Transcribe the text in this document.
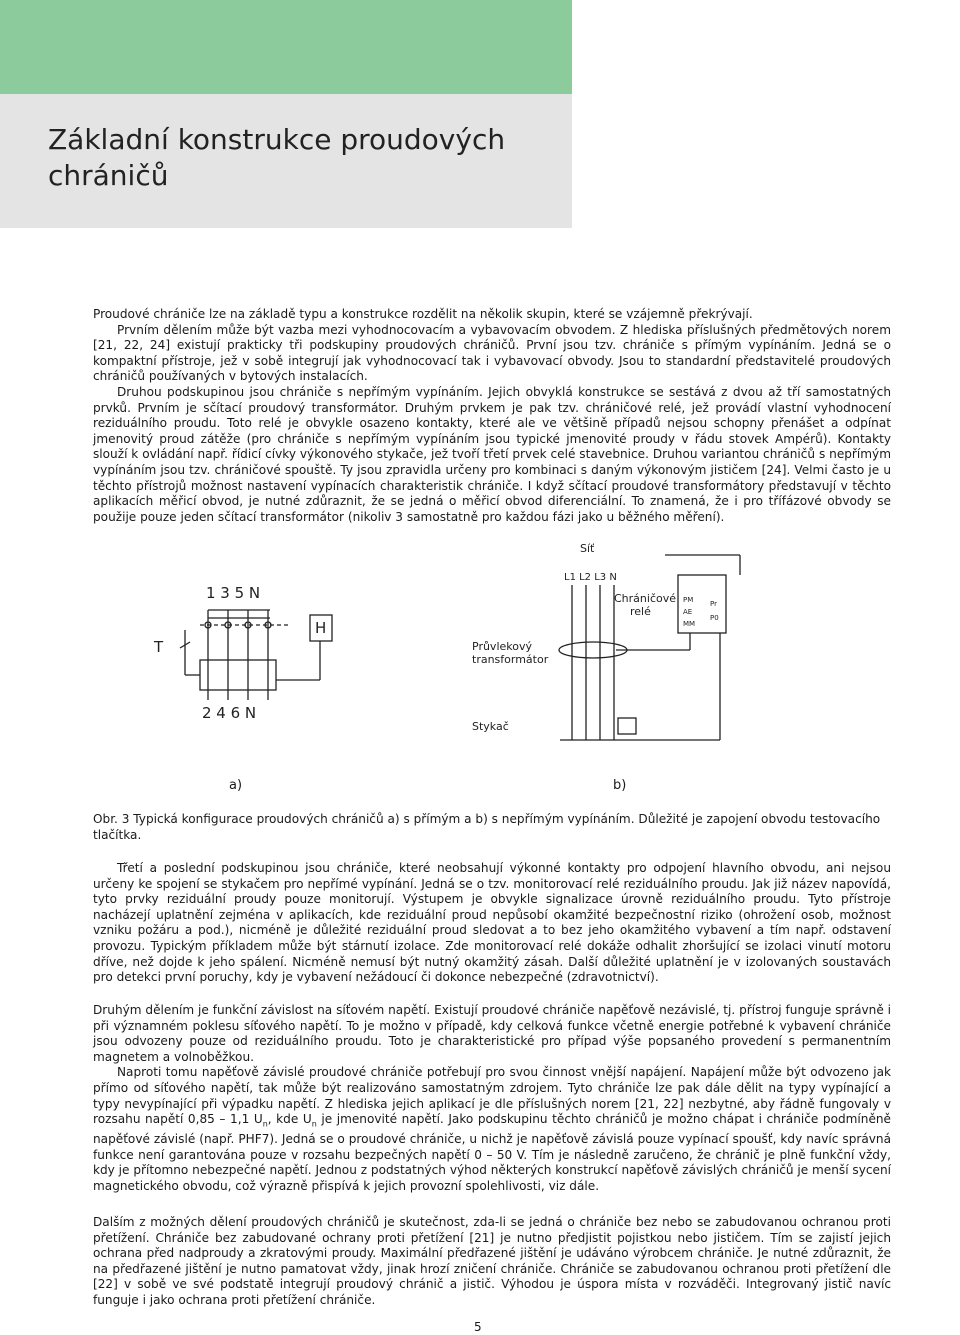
Základní konstrukce proudových
chráničů

Proudové chrániče lze na základě typu a konstrukce rozdělit na několik skupin, které se vzájemně překrývají.

Prvním dělením může být vazba mezi vyhodnocovacím a vybavovacím obvodem. Z hlediska příslušných předmětových norem [21, 22, 24] existují prakticky tři podskupiny proudových chráničů. První jsou tzv. chrániče s přímým vypínáním. Jedná se o kompaktní přístroje, jež v sobě integrují jak vyhodnocovací tak i vybavovací obvody. Jsou to standardní představitelé proudových chráničů používaných v bytových instalacích.

Druhou podskupinou jsou chrániče s nepřímým vypínáním. Jejich obvyklá konstrukce se sestává z dvou až tří samostatných prvků. Prvním je sčítací proudový transformátor. Druhým prvkem je pak tzv. chráničové relé, jež provádí vlastní vyhodnocení reziduálního proudu. Toto relé je obvykle osazeno kontakty, které ale ve většině případů nejsou schopny přenášet a odpínat jmenovitý proud zátěže (pro chrániče s nepřímým vypínáním jsou typické jmenovité proudy v řádu stovek Ampérů). Kontakty slouží k ovládání např. řídicí cívky výkonového stykače, jež tvoří třetí prvek celé stavebnice. Druhou variantou chráničů s nepřímým vypínáním jsou tzv. chráničové spouště. Ty jsou zpravidla určeny pro kombinaci s daným výkonovým jističem [24]. Velmi často je u těchto přístrojů možnost nastavení vypínacích charakteristik chrániče. I když sčítací proudové transformátory představují v těchto aplikacích měřicí obvod, je nutné zdůraznit, že se jedná o měřicí obvod diferenciální. To znamená, že i pro třífázové obvody se použije pouze jeden sčítací transformátor (nikoliv 3 samostatně pro každou fázi jako u běžného měření).

1 3 5 N
2 4 6 N
T
H
Síť
L1 L2 L3 N
Chráničové
relé
Průvlekový
transformátor
Stykač
PM
AE
MM
Pr
P0
a)	b)

Obr. 3 Typická konfigurace proudových chráničů a) s přímým a b) s nepřímým vypínáním. Důležité je zapojení obvodu testovacího tlačítka.

Třetí a poslední podskupinou jsou chrániče, které neobsahují výkonné kontakty pro odpojení hlavního obvodu, ani nejsou určeny ke spojení se stykačem pro nepřímé vypínání. Jedná se o tzv. monitorovací relé reziduálního proudu. Jak již název napovídá, tyto prvky reziduální proudy pouze monitorují. Výstupem je obvykle signalizace úrovně reziduálního proudu. Tyto přístroje nacházejí uplatnění zejména v aplikacích, kde reziduální proud nepůsobí okamžité bezpečnostní riziko (ohrožení osob, možnost vzniku požáru a pod.), nicméně je důležité reziduální proud sledovat a to bez jeho okamžitého vybavení a tím např. odstavení provozu. Typickým příkladem může být stárnutí izolace. Zde monitorovací relé dokáže odhalit zhoršující se izolaci vinutí motoru dříve, než dojde k jeho spálení. Nicméně nemusí být nutný okamžitý zásah. Další důležité uplatnění je v izolovaných soustavách pro detekci první poruchy, kdy je vybavení nežádoucí či dokonce nebezpečné (zdravotnictví).

Druhým dělením je funkční závislost na síťovém napětí. Existují proudové chrániče napěťově nezávislé, tj. přístroj funguje správně i při významném poklesu síťového napětí. To je možno v případě, kdy celková funkce včetně energie potřebné k vybavení chrániče jsou odvozeny pouze od reziduálního proudu. Toto je charakteristické pro případ výše popsaného provedení s permanentním magnetem a volnoběžkou.

Naproti tomu napěťově závislé proudové chrániče potřebují pro svou činnost vnější napájení. Napájení může být odvozeno jak přímo od síťového napětí, tak může být realizováno samostatným zdrojem. Tyto chrániče lze pak dále dělit na typy vypínající a typy nevypínající při výpadku napětí. Z hlediska jejich aplikací je dle příslušných norem [21, 22] nezbytné, aby řádně fungovaly v rozsahu napětí 0,85 – 1,1 $U_n$, kde $U_n$ je jmenovité napětí. Jako podskupinu těchto chráničů je možno chápat i chrániče podmíněně napěťové závislé (např. PHF7). Jedná se o proudové chrániče, u nichž je napěťově závislá pouze vypínací spoušť, kdy navíc správná funkce není garantována pouze v rozsahu bezpečných napětí 0 – 50 V. Tím je následně zaručeno, že chránič je plně funkční vždy, kdy je přítomno nebezpečné napětí. Jednou z podstatných výhod některých konstrukcí napěťově závislých chráničů je menší sycení magnetického obvodu, což výrazně přispívá k jejich provozní spolehlivosti, viz dále.

Dalším z možných dělení proudových chráničů je skutečnost, zda-li se jedná o chrániče bez nebo se zabudovanou ochranou proti přetížení. Chrániče bez zabudované ochrany proti přetížení [21] je nutno předjistit pojistkou nebo jističem. Tím se zajistí jejich ochrana před nadproudy a zkratovými proudy. Maximální předřazené jištění je udáváno výrobcem chrániče. Je nutné zdůraznit, že na předřazené jištění je nutno pamatovat vždy, jinak hrozí zničení chrániče. Chrániče se zabudovanou ochranou proti přetížení dle [22] v sobě ve své podstatě integrují proudový chránič a jistič. Výhodou je úspora místa v rozváděči. Integrovaný jistič navíc funguje i jako ochrana proti přetížení chrániče.

5
